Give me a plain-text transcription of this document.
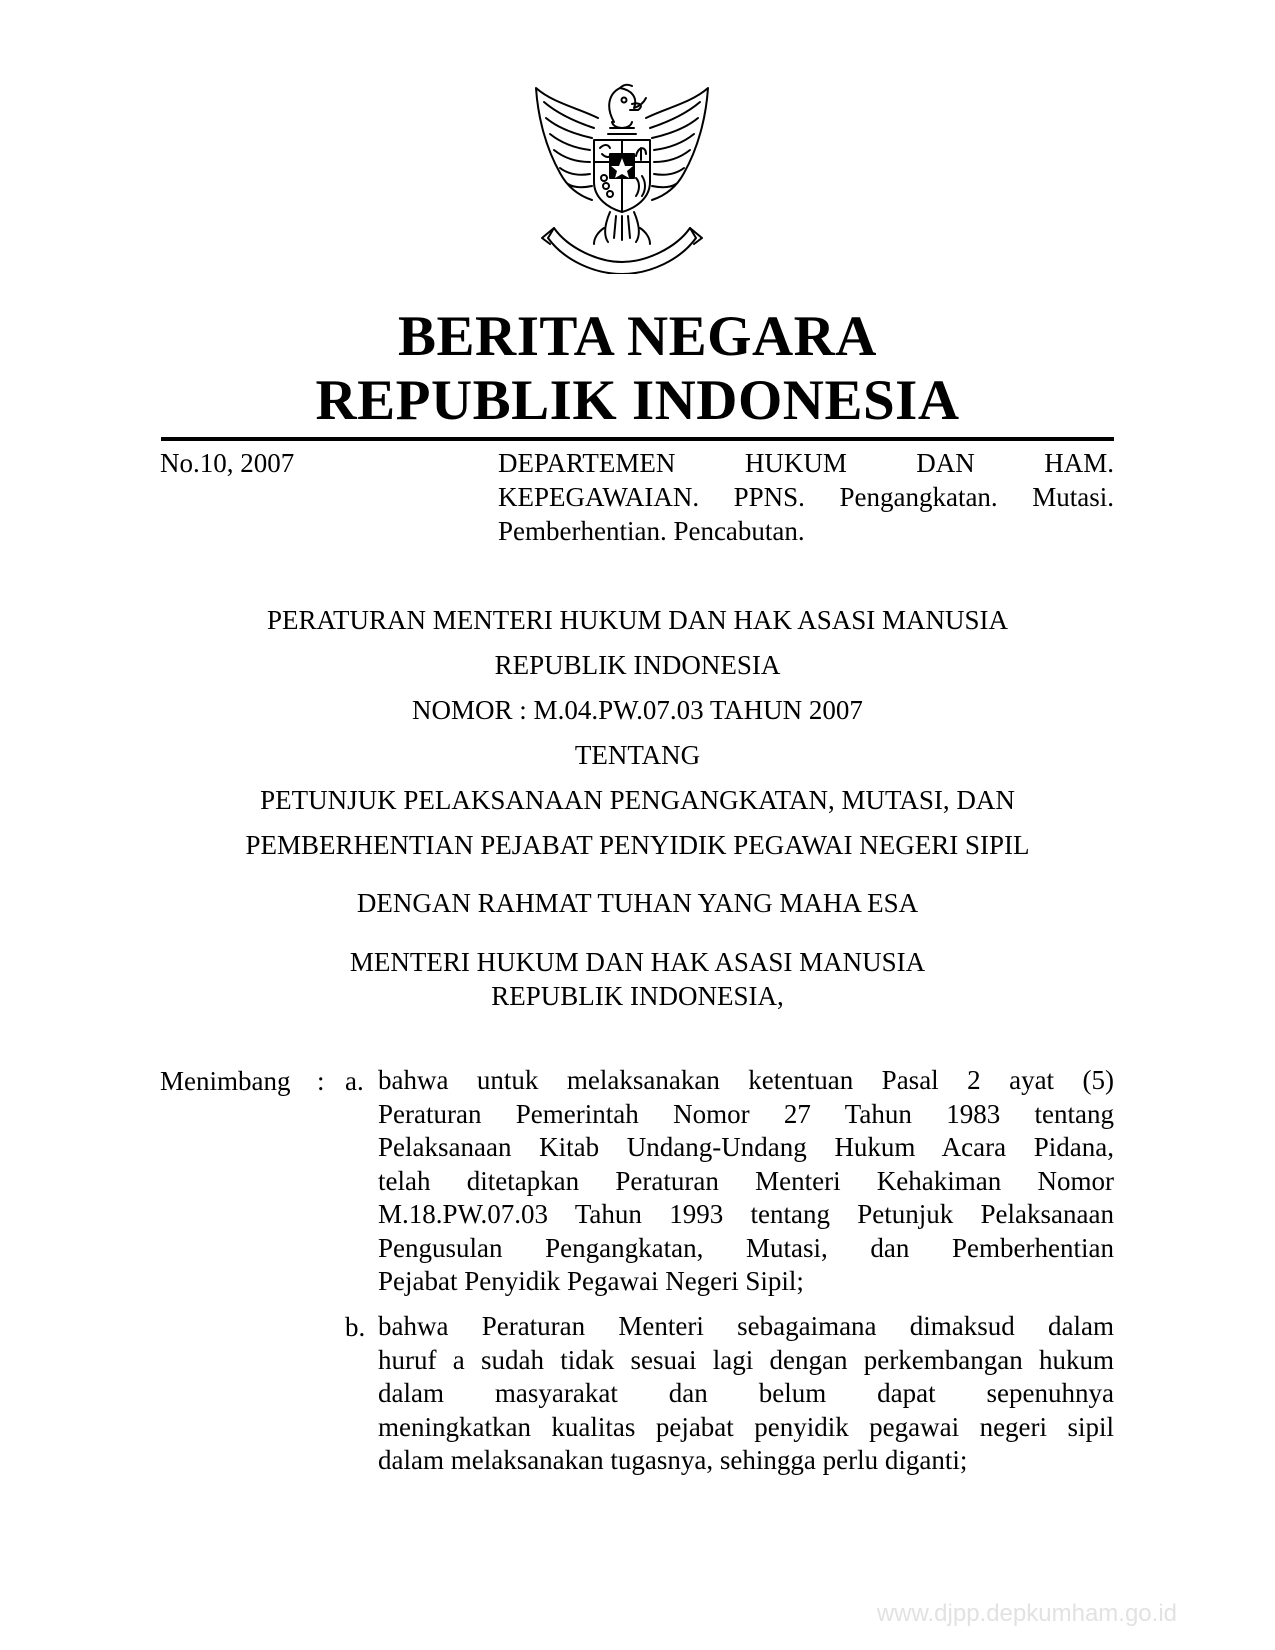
BERITA NEGARA
REPUBLIK INDONESIA
No.10, 2007	DEPARTEMEN HUKUM DAN HAM.
KEPEGAWAIAN. PPNS. Pengangkatan. Mutasi.
Pemberhentian. Pencabutan.
PERATURAN MENTERI HUKUM DAN HAK ASASI MANUSIA
REPUBLIK INDONESIA
NOMOR : M.04.PW.07.03 TAHUN 2007
TENTANG
PETUNJUK PELAKSANAAN PENGANGKATAN, MUTASI, DAN
PEMBERHENTIAN PEJABAT PENYIDIK PEGAWAI NEGERI SIPIL
DENGAN RAHMAT TUHAN YANG MAHA ESA
MENTERI HUKUM DAN HAK ASASI MANUSIA
REPUBLIK INDONESIA,
Menimbang : a. bahwa untuk melaksanakan ketentuan Pasal 2 ayat (5)
Peraturan Pemerintah Nomor 27 Tahun 1983 tentang
Pelaksanaan Kitab Undang-Undang Hukum Acara Pidana,
telah ditetapkan Peraturan Menteri Kehakiman Nomor
M.18.PW.07.03 Tahun 1993 tentang Petunjuk Pelaksanaan
Pengusulan Pengangkatan, Mutasi, dan Pemberhentian
Pejabat Penyidik Pegawai Negeri Sipil;
b. bahwa Peraturan Menteri sebagaimana dimaksud dalam
huruf a sudah tidak sesuai lagi dengan perkembangan hukum
dalam masyarakat dan belum dapat sepenuhnya
meningkatkan kualitas pejabat penyidik pegawai negeri sipil
dalam melaksanakan tugasnya, sehingga perlu diganti;
www.djpp.depkumham.go.id
